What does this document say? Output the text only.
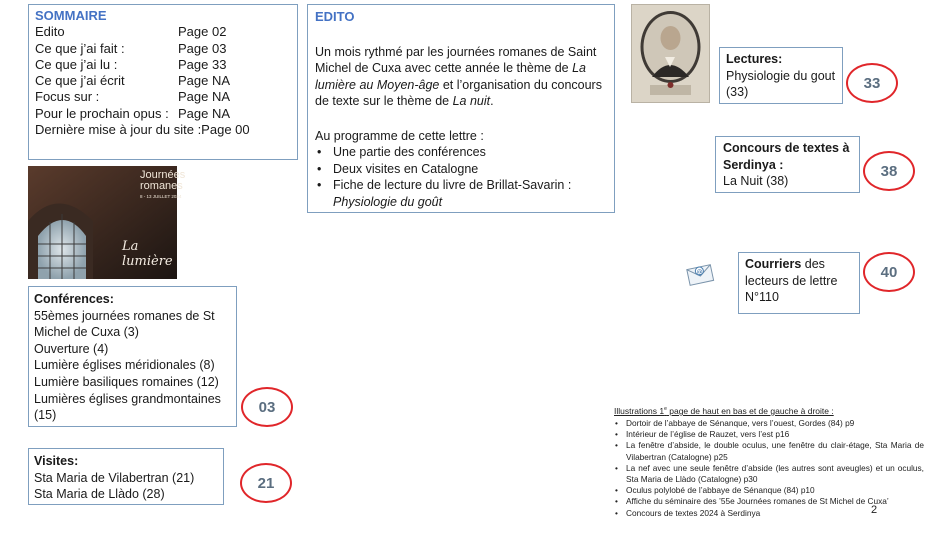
SOMMAIRE
Edito	Page 02
Ce que j’ai fait :	Page 03
Ce que j’ai lu :	Page 33
Ce que j’ai écrit	Page NA
Focus sur :	Page NA
Pour le prochain opus : Page NA
Dernière mise à jour du site :Page 00
EDITO

Un mois rythmé par les journées romanes de Saint Michel de Cuxa avec cette année le thème de La lumière au Moyen-âge et l’organisation du concours de texte sur le thème de La nuit.

Au programme de cette lettre :

• Une partie des conférences
• Deux visites en Catalogne
• Fiche de lecture du livre de Brillat-Savarin :
Physiologie du goût
Journées
romanes
8 - 13 JUILLET 2024
La lumière
Conférences:
55èmes journées romanes de St Michel de Cuxa (3)
Ouverture (4)
Lumière églises méridionales (8)
Lumière basiliques romaines (12)
Lumières églises grandmontaines (15)	03
Visites:
Sta Maria de Vilabertran (21)
Sta Maria de Llàdo (28)
21
Lectures:
Physiologie du gout (33)
33
Concours de textes à Serdinya :
La Nuit (38)
38
@
Courriers des lecteurs de lettre N°110
40
Illustrations 1e page de haut en bas et de gauche à droite :
• Dortoir de l’abbaye de Sénanque, vers l’ouest, Gordes (84) p9
• Intérieur de l’église de Rauzet, vers l’est p16
• La fenêtre d’abside, le double oculus, une fenêtre du clair-étage, Sta Maria de Vilabertran (Catalogne) p25
• La nef avec une seule fenêtre d’abside (les autres sont aveugles) et un oculus, Sta Maria de Llàdo (Catalogne) p30
• Oculus polylobé de l’abbaye de Sénanque (84) p10
• Affiche du séminaire des ’55e Journées romanes de St Michel de Cuxa’
• Concours de textes 2024 à Serdinya	2
